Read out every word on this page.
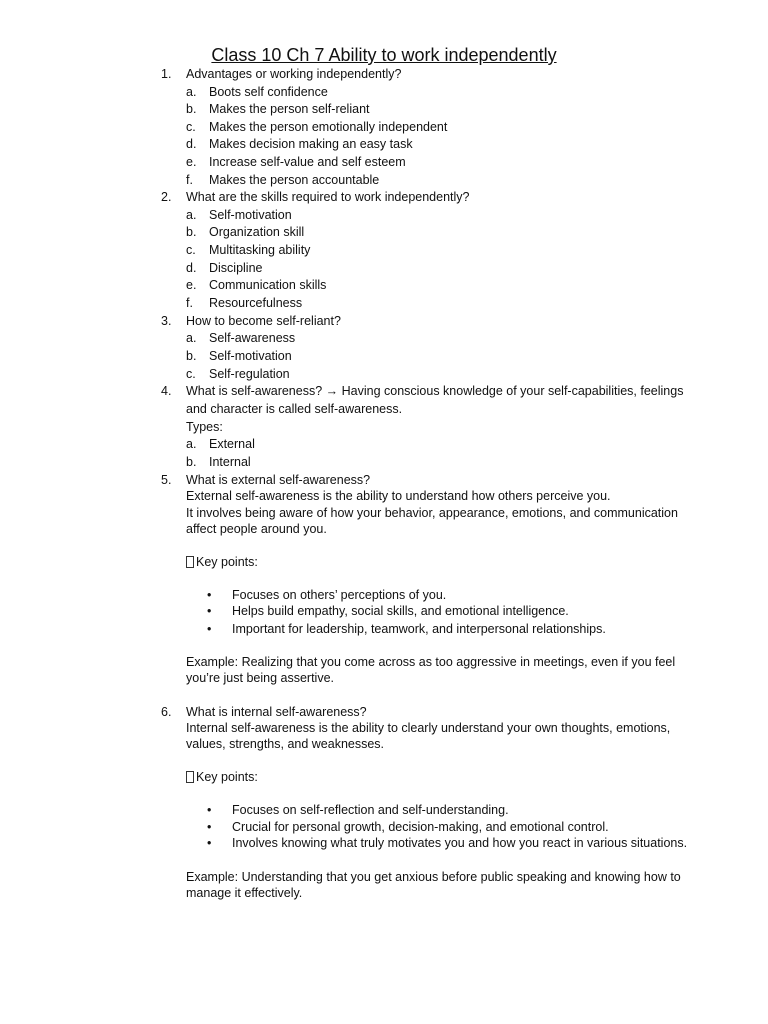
Class 10 Ch 7 Ability to work independently
1. Advantages or working independently?
a. Boots self confidence
b. Makes the person self-reliant
c. Makes the person emotionally independent
d. Makes decision making an easy task
e. Increase self-value and self esteem
f. Makes the person accountable
2. What are the skills required to work independently?
a. Self-motivation
b. Organization skill
c. Multitasking ability
d. Discipline
e. Communication skills
f. Resourcefulness
3. How to become self-reliant?
a. Self-awareness
b. Self-motivation
c. Self-regulation
4. What is self-awareness? → Having conscious knowledge of your self-capabilities, feelings
and character is called self-awareness.
Types:
a. External
b. Internal
5. What is external self-awareness?
External self-awareness is the ability to understand how others perceive you.
It involves being aware of how your behavior, appearance, emotions, and communication
affect people around you.
Key points:
• Focuses on others’ perceptions of you.
• Helps build empathy, social skills, and emotional intelligence.
• Important for leadership, teamwork, and interpersonal relationships.
Example: Realizing that you come across as too aggressive in meetings, even if you feel
you’re just being assertive.
6. What is internal self-awareness?
Internal self-awareness is the ability to clearly understand your own thoughts, emotions,
values, strengths, and weaknesses.
Key points:
• Focuses on self-reflection and self-understanding.
• Crucial for personal growth, decision-making, and emotional control.
• Involves knowing what truly motivates you and how you react in various situations.
Example: Understanding that you get anxious before public speaking and knowing how to
manage it effectively.
